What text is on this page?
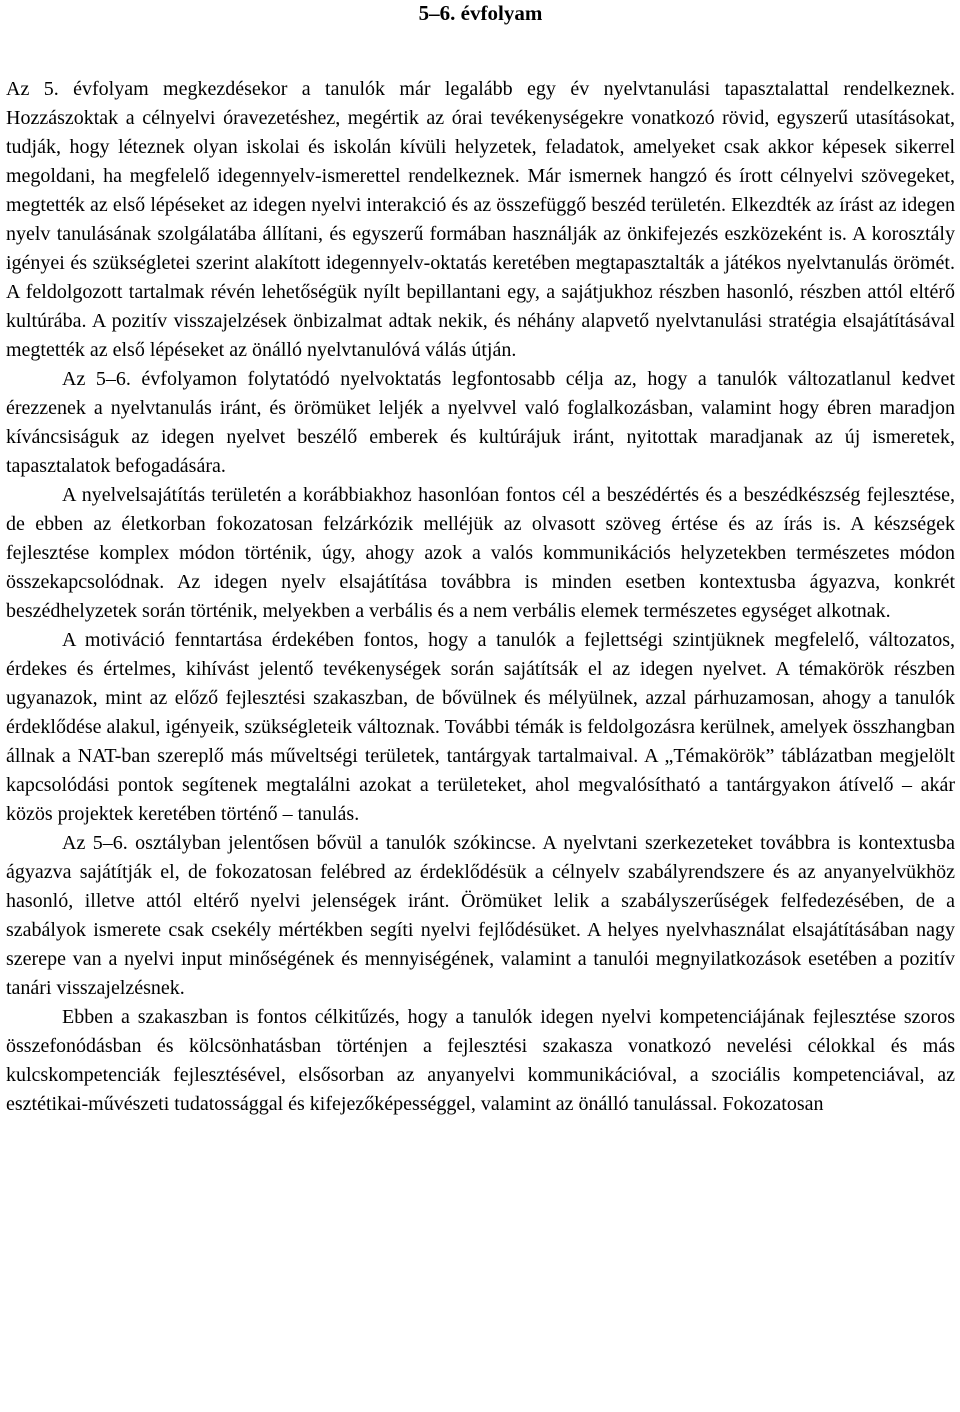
5–6. évfolyam

Az 5. évfolyam megkezdésekor a tanulók már legalább egy év nyelvtanulási tapasztalattal rendelkeznek. Hozzászoktak a célnyelvi óravezetéshez, megértik az órai tevékenységekre vonatkozó rövid, egyszerű utasításokat, tudják, hogy léteznek olyan iskolai és iskolán kívüli helyzetek, feladatok, amelyeket csak akkor képesek sikerrel megoldani, ha megfelelő idegennyelv-ismerettel rendelkeznek. Már ismernek hangzó és írott célnyelvi szövegeket, megtették az első lépéseket az idegen nyelvi interakció és az összefüggő beszéd területén. Elkezdték az írást az idegen nyelv tanulásának szolgálatába állítani, és egyszerű formában használják az önkifejezés eszközeként is. A korosztály igényei és szükségletei szerint alakított idegennyelv-oktatás keretében megtapasztalták a játékos nyelvtanulás örömét. A feldolgozott tartalmak révén lehetőségük nyílt bepillantani egy, a sajátjukhoz részben hasonló, részben attól eltérő kultúrába. A pozitív visszajelzések önbizalmat adtak nekik, és néhány alapvető nyelvtanulási stratégia elsajátításával megtették az első lépéseket az önálló nyelvtanulóvá válás útján.

Az 5–6. évfolyamon folytatódó nyelvoktatás legfontosabb célja az, hogy a tanulók változatlanul kedvet érezzenek a nyelvtanulás iránt, és örömüket leljék a nyelvvel való foglalkozásban, valamint hogy ébren maradjon kíváncsiságuk az idegen nyelvet beszélő emberek és kultúrájuk iránt, nyitottak maradjanak az új ismeretek, tapasztalatok befogadására.

A nyelvelsajátítás területén a korábbiakhoz hasonlóan fontos cél a beszédértés és a beszédkészség fejlesztése, de ebben az életkorban fokozatosan felzárkózik melléjük az olvasott szöveg értése és az írás is. A készségek fejlesztése komplex módon történik, úgy, ahogy azok a valós kommunikációs helyzetekben természetes módon összekapcsolódnak. Az idegen nyelv elsajátítása továbbra is minden esetben kontextusba ágyazva, konkrét beszédhelyzetek során történik, melyekben a verbális és a nem verbális elemek természetes egységet alkotnak.

A motiváció fenntartása érdekében fontos, hogy a tanulók a fejlettségi szintjüknek megfelelő, változatos, érdekes és értelmes, kihívást jelentő tevékenységek során sajátítsák el az idegen nyelvet. A témakörök részben ugyanazok, mint az előző fejlesztési szakaszban, de bővülnek és mélyülnek, azzal párhuzamosan, ahogy a tanulók érdeklődése alakul, igényeik, szükségleteik változnak. További témák is feldolgozásra kerülnek, amelyek összhangban állnak a NAT-ban szereplő más műveltségi területek, tantárgyak tartalmaival. A „Témakörök” táblázatban megjelölt kapcsolódási pontok segítenek megtalálni azokat a területeket, ahol megvalósítható a tantárgyakon átívelő – akár közös projektek keretében történő – tanulás.

Az 5–6. osztályban jelentősen bővül a tanulók szókincse. A nyelvtani szerkezeteket továbbra is kontextusba ágyazva sajátítják el, de fokozatosan felébred az érdeklődésük a célnyelv szabályrendszere és az anyanyelvükhöz hasonló, illetve attól eltérő nyelvi jelenségek iránt. Örömüket lelik a szabályszerűségek felfedezésében, de a szabályok ismerete csak csekély mértékben segíti nyelvi fejlődésüket. A helyes nyelvhasználat elsajátításában nagy szerepe van a nyelvi input minőségének és mennyiségének, valamint a tanulói megnyilatkozások esetében a pozitív tanári visszajelzésnek.

Ebben a szakaszban is fontos célkitűzés, hogy a tanulók idegen nyelvi kompetenciájának fejlesztése szoros összefonódásban és kölcsönhatásban történjen a fejlesztési szakasza vonatkozó nevelési célokkal és más kulcskompetenciák fejlesztésével, elsősorban az anyanyelvi kommunikációval, a szociális kompetenciával, az esztétikai-művészeti tudatossággal és kifejezőképességgel, valamint az önálló tanulással. Fokozatosan
